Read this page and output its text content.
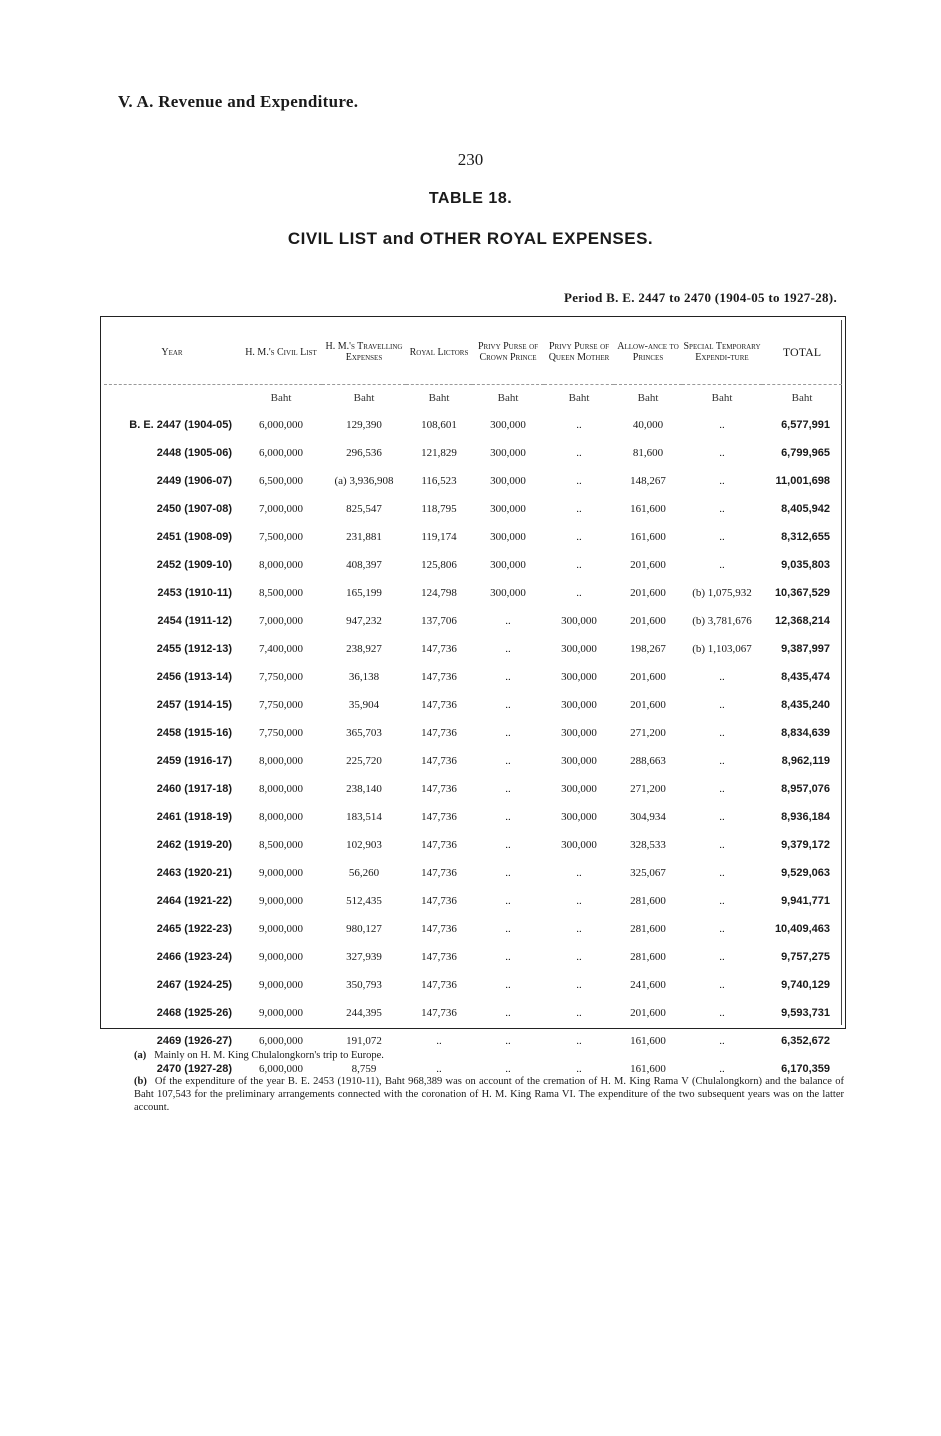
V. A. Revenue and Expenditure.
230
TABLE 18.
CIVIL LIST and OTHER ROYAL EXPENSES.
Period B. E. 2447 to 2470 (1904-05 to 1927-28).
Year	H. M.'s Civil List	H. M.'s Travelling Expenses	Royal Lictors	Privy Purse of Crown Prince	Privy Purse of Queen Mother	Allow-ance to Princes	Special Temporary Expendi-ture	TOTAL
	Baht	Baht	Baht	Baht	Baht	Baht	Baht	Baht
B. E. 2447 (1904-05)	6,000,000	129,390	108,601	300,000	..	40,000	..	6,577,991
2448 (1905-06)	6,000,000	296,536	121,829	300,000	..	81,600	..	6,799,965
2449 (1906-07)	6,500,000	(a) 3,936,908	116,523	300,000	..	148,267	..	11,001,698
2450 (1907-08)	7,000,000	825,547	118,795	300,000	..	161,600	..	8,405,942
2451 (1908-09)	7,500,000	231,881	119,174	300,000	..	161,600	..	8,312,655
2452 (1909-10)	8,000,000	408,397	125,806	300,000	..	201,600	..	9,035,803
2453 (1910-11)	8,500,000	165,199	124,798	300,000	..	201,600	(b) 1,075,932	10,367,529
2454 (1911-12)	7,000,000	947,232	137,706	..	300,000	201,600	(b) 3,781,676	12,368,214
2455 (1912-13)	7,400,000	238,927	147,736	..	300,000	198,267	(b) 1,103,067	9,387,997
2456 (1913-14)	7,750,000	36,138	147,736	..	300,000	201,600	..	8,435,474
2457 (1914-15)	7,750,000	35,904	147,736	..	300,000	201,600	..	8,435,240
2458 (1915-16)	7,750,000	365,703	147,736	..	300,000	271,200	..	8,834,639
2459 (1916-17)	8,000,000	225,720	147,736	..	300,000	288,663	..	8,962,119
2460 (1917-18)	8,000,000	238,140	147,736	..	300,000	271,200	..	8,957,076
2461 (1918-19)	8,000,000	183,514	147,736	..	300,000	304,934	..	8,936,184
2462 (1919-20)	8,500,000	102,903	147,736	..	300,000	328,533	..	9,379,172
2463 (1920-21)	9,000,000	56,260	147,736	..	..	325,067	..	9,529,063
2464 (1921-22)	9,000,000	512,435	147,736	..	..	281,600	..	9,941,771
2465 (1922-23)	9,000,000	980,127	147,736	..	..	281,600	..	10,409,463
2466 (1923-24)	9,000,000	327,939	147,736	..	..	281,600	..	9,757,275
2467 (1924-25)	9,000,000	350,793	147,736	..	..	241,600	..	9,740,129
2468 (1925-26)	9,000,000	244,395	147,736	..	..	201,600	..	9,593,731
2469 (1926-27)	6,000,000	191,072	..	..	..	161,600	..	6,352,672
2470 (1927-28)	6,000,000	8,759	..	..	..	161,600	..	6,170,359
(a) Mainly on H. M. King Chulalongkorn's trip to Europe.
(b) Of the expenditure of the year B. E. 2453 (1910-11), Baht 968,389 was on account of the cremation of H. M. King Rama V (Chulalongkorn) and the balance of Baht 107,543 for the preliminary arrangements connected with the coronation of H. M. King Rama VI. The expenditure of the two subsequent years was on the latter account.
